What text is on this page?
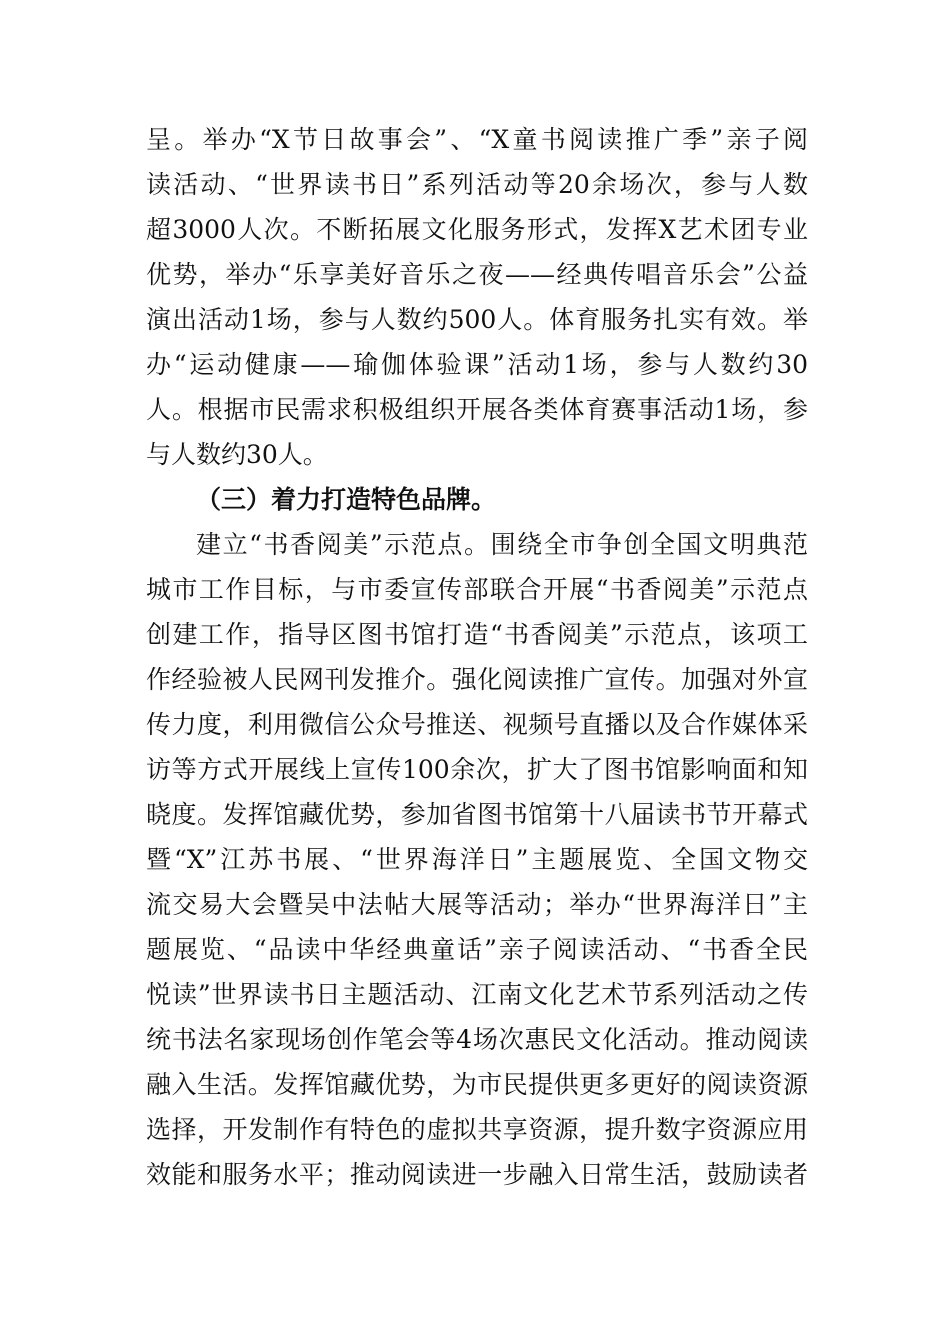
呈。举办“X节日故事会”、“X童书阅读推广季”亲子阅
读活动、“世界读书日”系列活动等20余场次，参与人数
超3000人次。不断拓展文化服务形式，发挥X艺术团专业
优势，举办“乐享美好音乐之夜——经典传唱音乐会”公益
演出活动1场，参与人数约500人。体育服务扎实有效。举
办“运动健康——瑜伽体验课”活动1场，参与人数约30
人。根据市民需求积极组织开展各类体育赛事活动1场，参
与人数约30人。
（三）着力打造特色品牌。
建立“书香阅美”示范点。围绕全市争创全国文明典范
城市工作目标，与市委宣传部联合开展“书香阅美”示范点
创建工作，指导区图书馆打造“书香阅美”示范点，该项工
作经验被人民网刊发推介。强化阅读推广宣传。加强对外宣
传力度，利用微信公众号推送、视频号直播以及合作媒体采
访等方式开展线上宣传100余次，扩大了图书馆影响面和知
晓度。发挥馆藏优势，参加省图书馆第十八届读书节开幕式
暨“X”江苏书展、“世界海洋日”主题展览、全国文物交
流交易大会暨吴中法帖大展等活动；举办“世界海洋日”主
题展览、“品读中华经典童话”亲子阅读活动、“书香全民
悦读”世界读书日主题活动、江南文化艺术节系列活动之传
统书法名家现场创作笔会等4场次惠民文化活动。推动阅读
融入生活。发挥馆藏优势，为市民提供更多更好的阅读资源
选择，开发制作有特色的虚拟共享资源，提升数字资源应用
效能和服务水平；推动阅读进一步融入日常生活，鼓励读者
